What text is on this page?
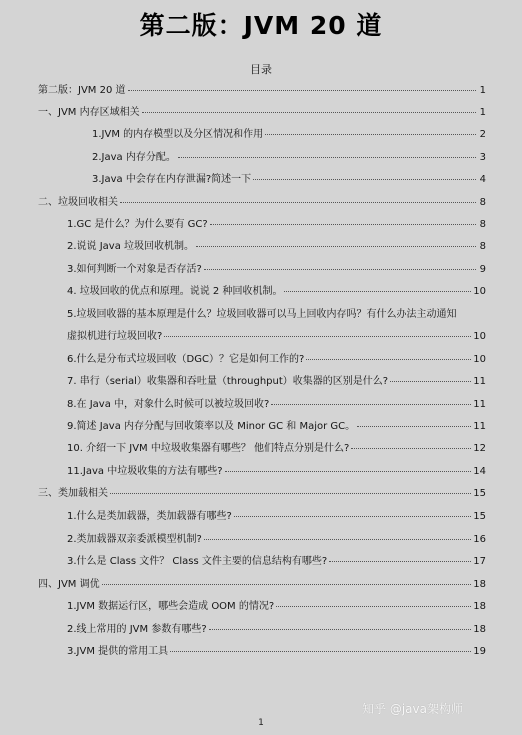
第二版：JVM 20 道
目录
第二版：JVM 20 道	1
一、JVM 内存区域相关	1
1.JVM 的内存模型以及分区情况和作用	2
2.Java 内存分配。	3
3.Java 中会存在内存泄漏?简述一下	4
二、垃圾回收相关	8
1.GC 是什么？为什么要有 GC?	8
2.说说 Java 垃圾回收机制。	8
3.如何判断一个对象是否存活?	9
4. 垃圾回收的优点和原理。说说 2 种回收机制。	10
5.垃圾回收器的基本原理是什么？垃圾回收器可以马上回收内存吗？有什么办法主动通知
虚拟机进行垃圾回收?	10
6.什么是分布式垃圾回收（DGC）？它是如何工作的?	10
7. 串行（serial）收集器和吞吐量（throughput）收集器的区别是什么?	11
8.在 Java 中，对象什么时候可以被垃圾回收?	11
9.简述 Java 内存分配与回收策率以及 Minor GC 和 Major GC。	11
10. 介绍一下 JVM 中垃圾收集器有哪些？ 他们特点分别是什么?	12
11.Java 中垃圾收集的方法有哪些?	14
三、类加载相关	15
1.什么是类加载器，类加载器有哪些?	15
2.类加载器双亲委派模型机制?	16
3.什么是 Class 文件？ Class 文件主要的信息结构有哪些?	17
四、JVM 调优	18
1.JVM 数据运行区，哪些会造成 OOM 的情况?	18
2.线上常用的 JVM 参数有哪些?	18
3.JVM 提供的常用工具	19
1
知乎 @java架构师
